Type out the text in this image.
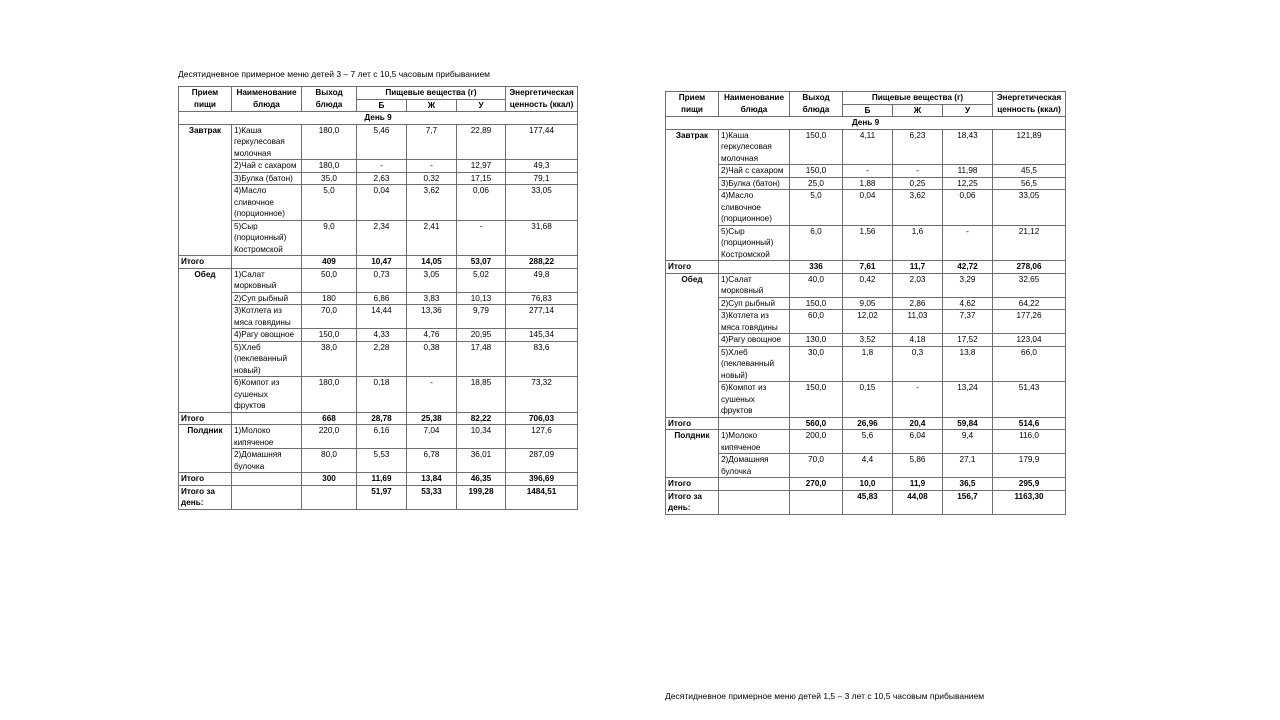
Десятидневное примерное меню детей 3 – 7 лет с 10,5 часовым прибыванием
Прием пищи	Наименование блюда	Выход блюда	Пищевые вещества (г)			Энергетическая ценность (ккал)
			Б	Ж	У	
День 9						
Завтрак	1)Каша геркулесовая молочная	180,0	5,46	7,7	22,89	177,44
	2)Чай с сахаром	180,0	-	-	12,97	49,3
	3)Булка (батон)	35,0	2,63	0,32	17,15	79,1
	4)Масло сливочное (порционное)	5,0	0,04	3,62	0,06	33,05
	5)Сыр (порционный) Костромской	9,0	2,34	2,41	-	31,68
Итого		409	10,47	14,05	53,07	288,22
Обед	1)Салат морковный	50,0	0,73	3,05	5,02	49,8
	2)Суп рыбный	180	6,86	3,83	10,13	76,83
	3)Котлета из мяса говядины	70,0	14,44	13,36	9,79	277,14
	4)Рагу овощное	150,0	4,33	4,76	20,95	145,34
	5)Хлеб (пеклеванный новый)	38,0	2,28	0,38	17,48	83,6
	6)Компот из сушеных фруктов	180,0	0,18	-	18,85	73,32
Итого		668	28,78	25,38	82,22	706,03
Полдник	1)Молоко кипяченое	220,0	6,16	7,04	10,34	127,6
	2)Домашняя булочка	80,0	5,53	6,78	36,01	287,09
Итого		300	11,69	13,84	46,35	396,69
Итого за день:			51,97	53,33	199,28	1484,51
Десятидневное примерное меню детей 1,5 – 3 лет с 10,5 часовым прибыванием
Прием пищи	Наименование блюда	Выход блюда	Пищевые вещества (г)			Энергетическая ценность (ккал)
			Б	Ж	У	
День 9						
Завтрак	1)Каша геркулесовая молочная	150,0	4,11	6,23	18,43	121,89
	2)Чай с сахаром	150,0	-	-	11,98	45,5
	3)Булка (батон)	25,0	1,88	0,25	12,25	56,5
	4)Масло сливочное (порционное)	5,0	0,04	3,62	0,06	33,05
	5)Сыр (порционный) Костромской	6,0	1,56	1,6	-	21,12
Итого		336	7,61	11,7	42,72	278,06
Обед	1)Салат морковный	40,0	0,42	2,03	3,29	32,65
	2)Суп рыбный	150,0	9,05	2,86	4,62	64,22
	3)Котлета из мяса говядины	60,0	12,02	11,03	7,37	177,26
	4)Рагу овощное	130,0	3,52	4,18	17,52	123,04
	5)Хлеб (пеклеванный новый)	30,0	1,8	0,3	13,8	66,0
	6)Компот из сушеных фруктов	150,0	0,15	-	13,24	51,43
Итого		560,0	26,96	20,4	59,84	514,6
Полдник	1)Молоко кипяченое	200,0	5,6	6,04	9,4	116,0
	2)Домашняя булочка	70,0	4,4	5,86	27,1	179,9
Итого		270,0	10,0	11,9	36,5	295,9
Итого за день:			45,83	44,08	156,7	1163,30
